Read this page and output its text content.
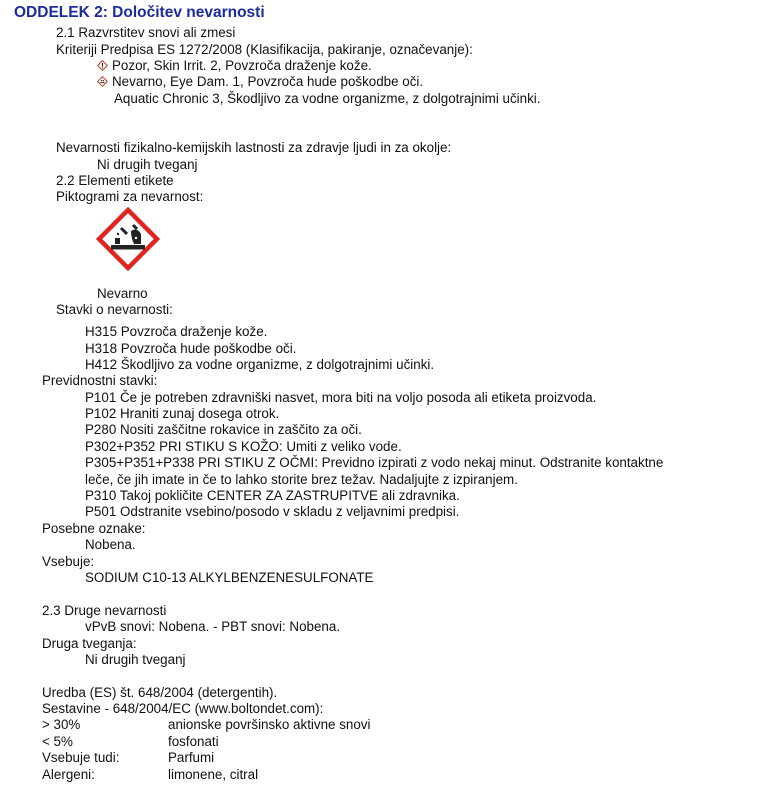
ODDELEK 2: Določitev nevarnosti
2.1 Razvrstitev snovi ali zmesi
Kriteriji Predpisa ES 1272/2008 (Klasifikacija, pakiranje, označevanje):
Pozor, Skin Irrit. 2, Povzroča draženje kože.
Nevarno, Eye Dam. 1, Povzroča hude poškodbe oči.
Aquatic Chronic 3, Škodljivo za vodne organizme, z dolgotrajnimi učinki.
Nevarnosti fizikalno-kemijskih lastnosti za zdravje ljudi in za okolje:
Ni drugih tveganj
2.2 Elementi etikete
Piktogrami za nevarnost:
Nevarno
Stavki o nevarnosti:
H315 Povzroča draženje kože.
H318 Povzroča hude poškodbe oči.
H412 Škodljivo za vodne organizme, z dolgotrajnimi učinki.
Previdnostni stavki:
P101 Če je potreben zdravniški nasvet, mora biti na voljo posoda ali etiketa proizvoda.
P102 Hraniti zunaj dosega otrok.
P280 Nositi zaščitne rokavice in zaščito za oči.
P302+P352 PRI STIKU S KOŽO: Umiti z veliko vode.
P305+P351+P338 PRI STIKU Z OČMI: Previdno izpirati z vodo nekaj minut. Odstranite kontaktne
leče, če jih imate in če to lahko storite brez težav. Nadaljujte z izpiranjem.
P310 Takoj pokličite CENTER ZA ZASTRUPITVE ali zdravnika.
P501 Odstranite vsebino/posodo v skladu z veljavnimi predpisi.
Posebne oznake:
Nobena.
Vsebuje:
SODIUM C10-13 ALKYLBENZENESULFONATE
2.3 Druge nevarnosti
vPvB snovi: Nobena. - PBT snovi: Nobena.
Druga tveganja:
Ni drugih tveganj
Uredba (ES) št. 648/2004 (detergentih).
Sestavine - 648/2004/EC (www.boltondet.com):
> 30%	anionske površinsko aktivne snovi
< 5%	fosfonati
Vsebuje tudi:	Parfumi
Alergeni:	limonene, citral
